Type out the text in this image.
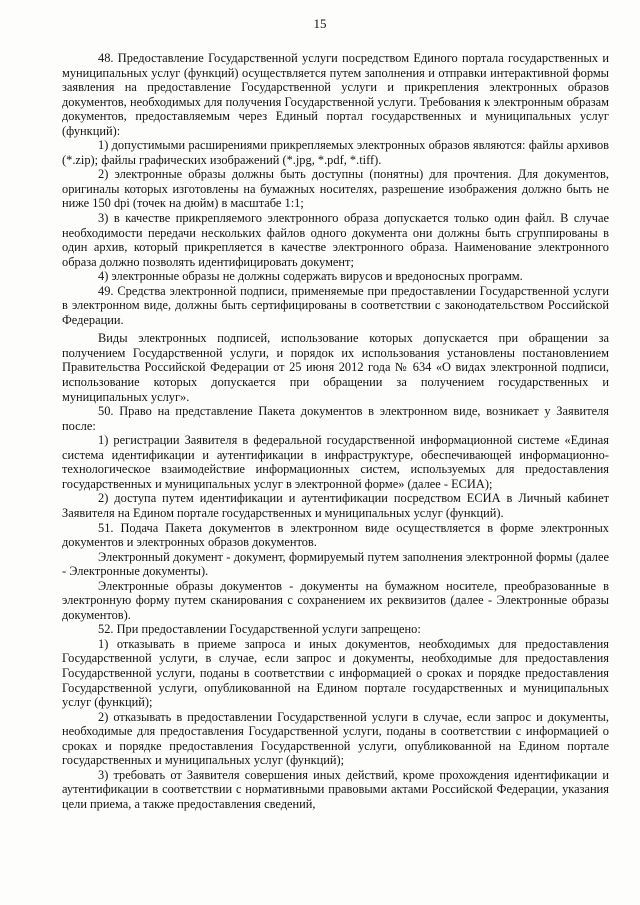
15

48. Предоставление Государственной услуги посредством Единого портала государственных и муниципальных услуг (функций) осуществляется путем заполнения и отправки интерактивной формы заявления на предоставление Государственной услуги и прикрепления электронных образов документов, необходимых для получения Государственной услуги. Требования к электронным образам документов, предоставляемым через Единый портал государственных и муниципальных услуг (функций):

1) допустимыми расширениями прикрепляемых электронных образов являются: файлы архивов (*.zip); файлы графических изображений (*.jpg, *.pdf, *.tiff).

2) электронные образы должны быть доступны (понятны) для прочтения. Для документов, оригиналы которых изготовлены на бумажных носителях, разрешение изображения должно быть не ниже 150 dpi (точек на дюйм) в масштабе 1:1;

3) в качестве прикрепляемого электронного образа допускается только один файл. В случае необходимости передачи нескольких файлов одного документа они должны быть сгруппированы в один архив, который прикрепляется в качестве электронного образа. Наименование электронного образа должно позволять идентифицировать документ;

4) электронные образы не должны содержать вирусов и вредоносных программ.

49. Средства электронной подписи, применяемые при предоставлении Государственной услуги в электронном виде, должны быть сертифицированы в соответствии с законодательством Российской Федерации.

Виды электронных подписей, использование которых допускается при обращении за получением Государственной услуги, и порядок их использования установлены постановлением Правительства Российской Федерации от 25 июня 2012 года № 634 «О видах электронной подписи, использование которых допускается при обращении за получением государственных и муниципальных услуг».

50. Право на представление Пакета документов в электронном виде, возникает у Заявителя после:

1) регистрации Заявителя в федеральной государственной информационной системе «Единая система идентификации и аутентификации в инфраструктуре, обеспечивающей информационно-технологическое взаимодействие информационных систем, используемых для предоставления государственных и муниципальных услуг в электронной форме» (далее - ЕСИА);

2) доступа путем идентификации и аутентификации посредством ЕСИА в Личный кабинет Заявителя на Едином портале государственных и муниципальных услуг (функций).

51. Подача Пакета документов в электронном виде осуществляется в форме электронных документов и электронных образов документов.

Электронный документ - документ, формируемый путем заполнения электронной формы (далее - Электронные документы).

Электронные образы документов - документы на бумажном носителе, преобразованные в электронную форму путем сканирования с сохранением их реквизитов (далее - Электронные образы документов).

52. При предоставлении Государственной услуги запрещено:

1) отказывать в приеме запроса и иных документов, необходимых для предоставления Государственной услуги, в случае, если запрос и документы, необходимые для предоставления Государственной услуги, поданы в соответствии с информацией о сроках и порядке предоставления Государственной услуги, опубликованной на Едином портале государственных и муниципальных услуг (функций);

2) отказывать в предоставлении Государственной услуги в случае, если запрос и документы, необходимые для предоставления Государственной услуги, поданы в соответствии с информацией о сроках и порядке предоставления Государственной услуги, опубликованной на Едином портале государственных и муниципальных услуг (функций);

3) требовать от Заявителя совершения иных действий, кроме прохождения идентификации и аутентификации в соответствии с нормативными правовыми актами Российской Федерации, указания цели приема, а также предоставления сведений,
